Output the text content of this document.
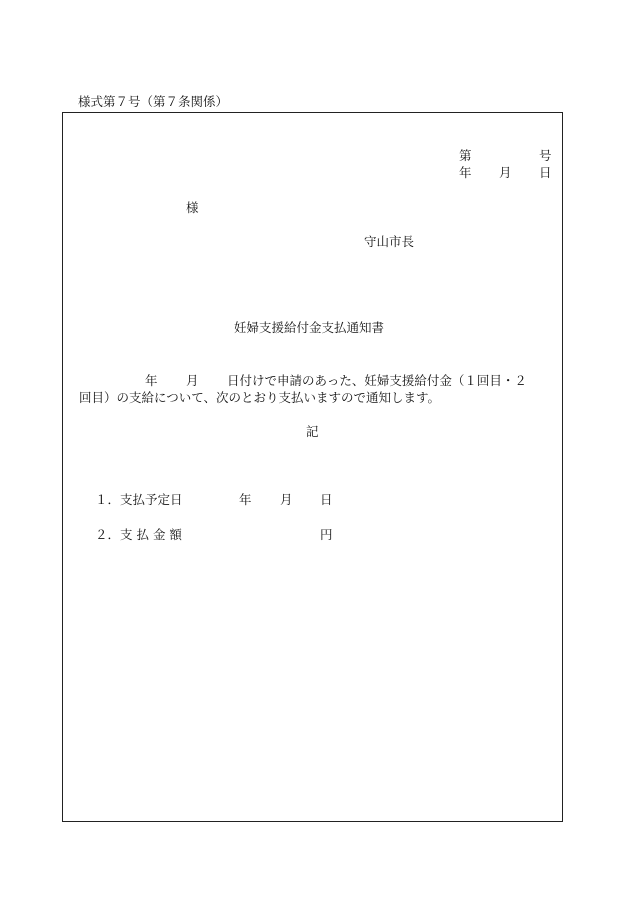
様式第７号（第７条関係）
第	号
年 月 日
様
守山市長
妊婦支援給付金支払通知書
年 月 日付けで申請のあった、妊婦支援給付金（１回目・２
回目）の支給について、次のとおり支払いますので通知します。
記
１．支払予定日	年 月 日
２．支 払 金 額	円
